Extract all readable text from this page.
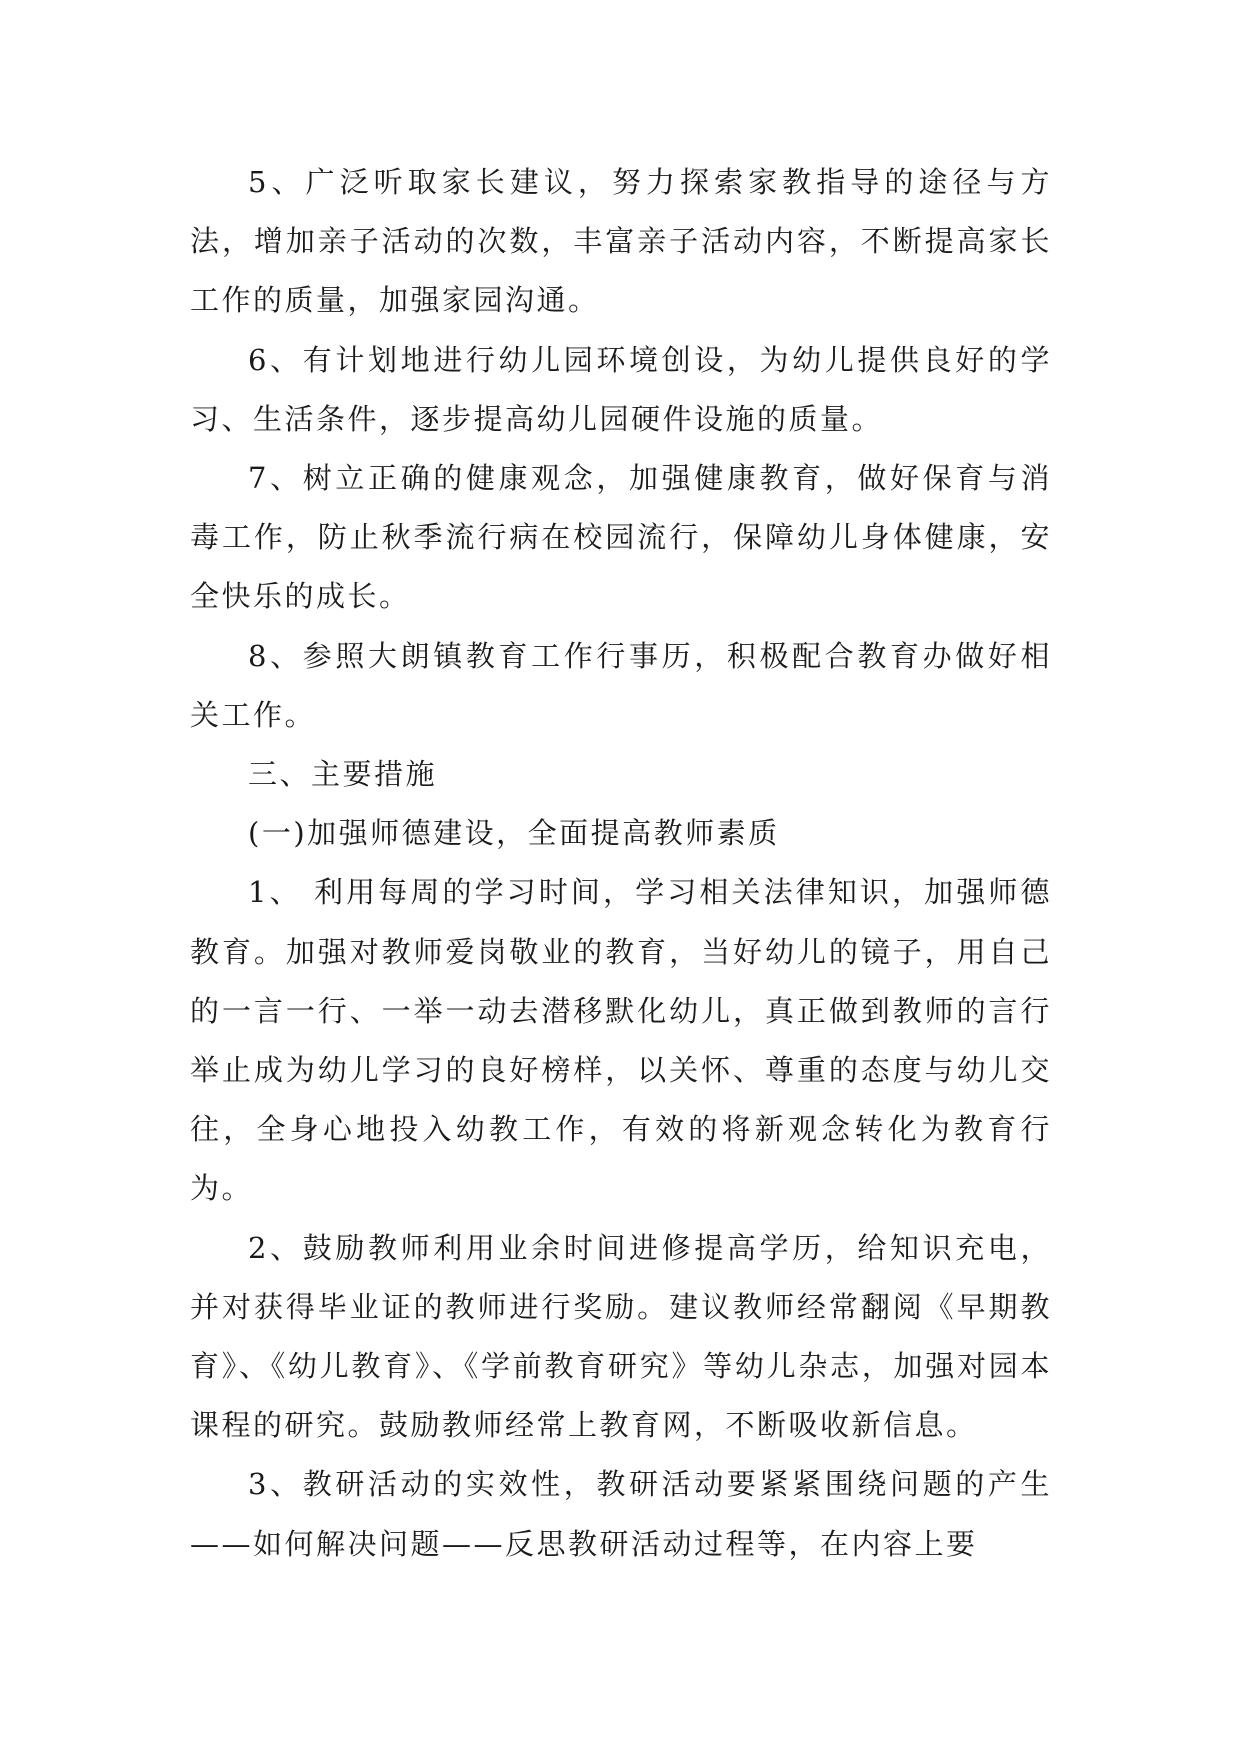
5、广泛听取家长建议，努力探索家教指导的途径与方法，增加亲子活动的次数，丰富亲子活动内容，不断提高家长工作的质量，加强家园沟通。

6、有计划地进行幼儿园环境创设，为幼儿提供良好的学习、生活条件，逐步提高幼儿园硬件设施的质量。

7、树立正确的健康观念，加强健康教育，做好保育与消毒工作，防止秋季流行病在校园流行，保障幼儿身体健康，安全快乐的成长。

8、参照大朗镇教育工作行事历，积极配合教育办做好相关工作。

三、主要措施

(一)加强师德建设，全面提高教师素质

1、 利用每周的学习时间，学习相关法律知识，加强师德教育。加强对教师爱岗敬业的教育，当好幼儿的镜子，用自己的一言一行、一举一动去潜移默化幼儿，真正做到教师的言行举止成为幼儿学习的良好榜样，以关怀、尊重的态度与幼儿交往，全身心地投入幼教工作，有效的将新观念转化为教育行为。

2、鼓励教师利用业余时间进修提高学历，给知识充电，并对获得毕业证的教师进行奖励。建议教师经常翻阅《早期教育》、《幼儿教育》、《学前教育研究》等幼儿杂志，加强对园本课程的研究。鼓励教师经常上教育网，不断吸收新信息。

3、教研活动的实效性，教研活动要紧紧围绕问题的产生——如何解决问题——反思教研活动过程等，在内容上要
